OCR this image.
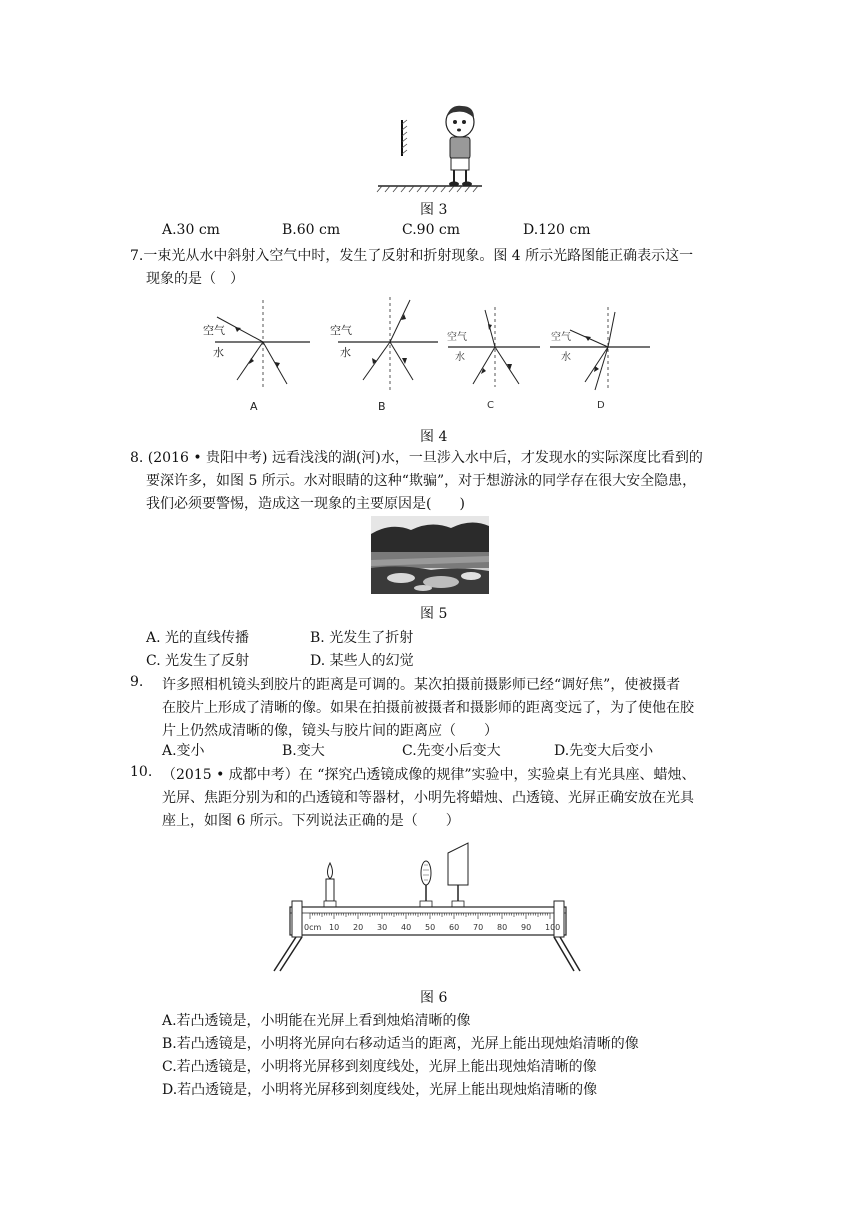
图 3
A.30 cm	B.60 cm	C.90 cm	D.120 cm
7.一束光从水中斜射入空气中时，发生了反射和折射现象。图 4 所示光路图能正确表示这一
现象的是（　）
空气
水
A
空气
水
B
空气
水
C
空气
水
D
图 4
8. (2016 • 贵阳中考) 远看浅浅的湖(河)水，一旦涉入水中后，才发现水的实际深度比看到的
要深许多，如图 5 所示。水对眼睛的这种“欺骗”，对于想游泳的同学存在很大安全隐患，
我们必须要警惕，造成这一现象的主要原因是(　　)
图 5
A. 光的直线传播	B. 光发生了折射
C. 光发生了反射	D. 某些人的幻觉
9. 许多照相机镜头到胶片的距离是可调的。某次拍摄前摄影师已经“调好焦”，使被摄者
在胶片上形成了清晰的像。如果在拍摄前被摄者和摄影师的距离变远了，为了使他在胶
片上仍然成清晰的像，镜头与胶片间的距离应（　　）
A.变小	B.变大	C.先变小后变大	D.先变大后变小
10. （2015 • 成都中考）在 “探究凸透镜成像的规律”实验中，实验桌上有光具座、蜡烛、
光屏、焦距分别为和的凸透镜和等器材，小明先将蜡烛、凸透镜、光屏正确安放在光具
座上，如图 6 所示。下列说法正确的是（　　）
0cm 10 20 30 40 50 60 70 80 90 100
图 6
A.若凸透镜是，小明能在光屏上看到烛焰清晰的像
B.若凸透镜是，小明将光屏向右移动适当的距离，光屏上能出现烛焰清晰的像
C.若凸透镜是，小明将光屏移到刻度线处，光屏上能出现烛焰清晰的像
D.若凸透镜是，小明将光屏移到刻度线处，光屏上能出现烛焰清晰的像
